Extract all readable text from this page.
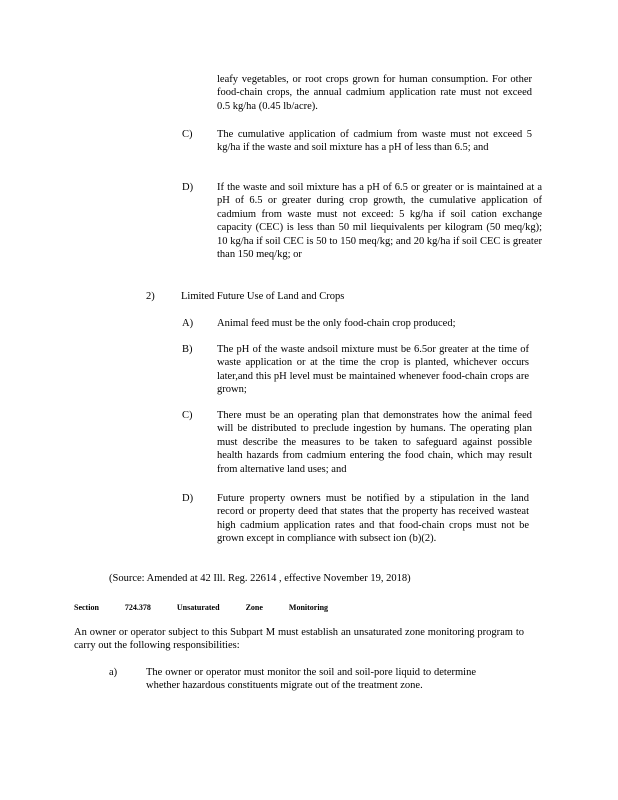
leafy vegetables, or root crops grown for human consumption. For other food-chain crops, the annual cadmium application rate must not exceed 0.5 kg/ha (0.45 lb/acre).

C) The cumulative application of cadmium from waste must not exceed 5 kg/ha if the waste and soil mixture has a pH of less than 6.5; and

D) If the waste and soil mixture has a pH of 6.5 or greater or is maintained at a pH of 6.5 or greater during crop growth, the cumulative application of cadmium from waste must not exceed: 5 kg/ha if soil cation exchange capacity (CEC) is less than 50 mil liequivalents per kilogram (50 meq/kg); 10 kg/ha if soil CEC is 50 to 150 meq/kg; and 20 kg/ha if soil CEC is greater than 150 meq/kg; or

2)	Limited Future Use of Land and Crops
A) Animal feed must be the only food-chain crop produced;

B) The pH of the waste andsoil mixture must be 6.5or greater at the time of waste application or at the time the crop is planted, whichever occurs later,and this pH level must be maintained whenever food-chain crops are grown;

C) There must be an operating plan that demonstrates how the animal feed will be distributed to preclude ingestion by humans. The operating plan must describe the measures to be taken to safeguard against possible health hazards from cadmium entering the food chain, which may result from alternative land uses; and

D) Future property owners must be notified by a stipulation in the land record or property deed that states that the property has received wasteat high cadmium application rates and that food-chain crops must not be grown except in compliance with subsect ion (b)(2).

(Source: Amended at 42 Ill. Reg. 22614 , effective November 19, 2018)
Section	724.378	Unsaturated	Zone	Monitoring

An owner or operator subject to this Subpart M must establish an unsaturated zone monitoring program to carry out the following responsibilities:

a)	The owner or operator must monitor the soil and soil-pore liquid to determine whether hazardous constituents migrate out of the treatment zone.
